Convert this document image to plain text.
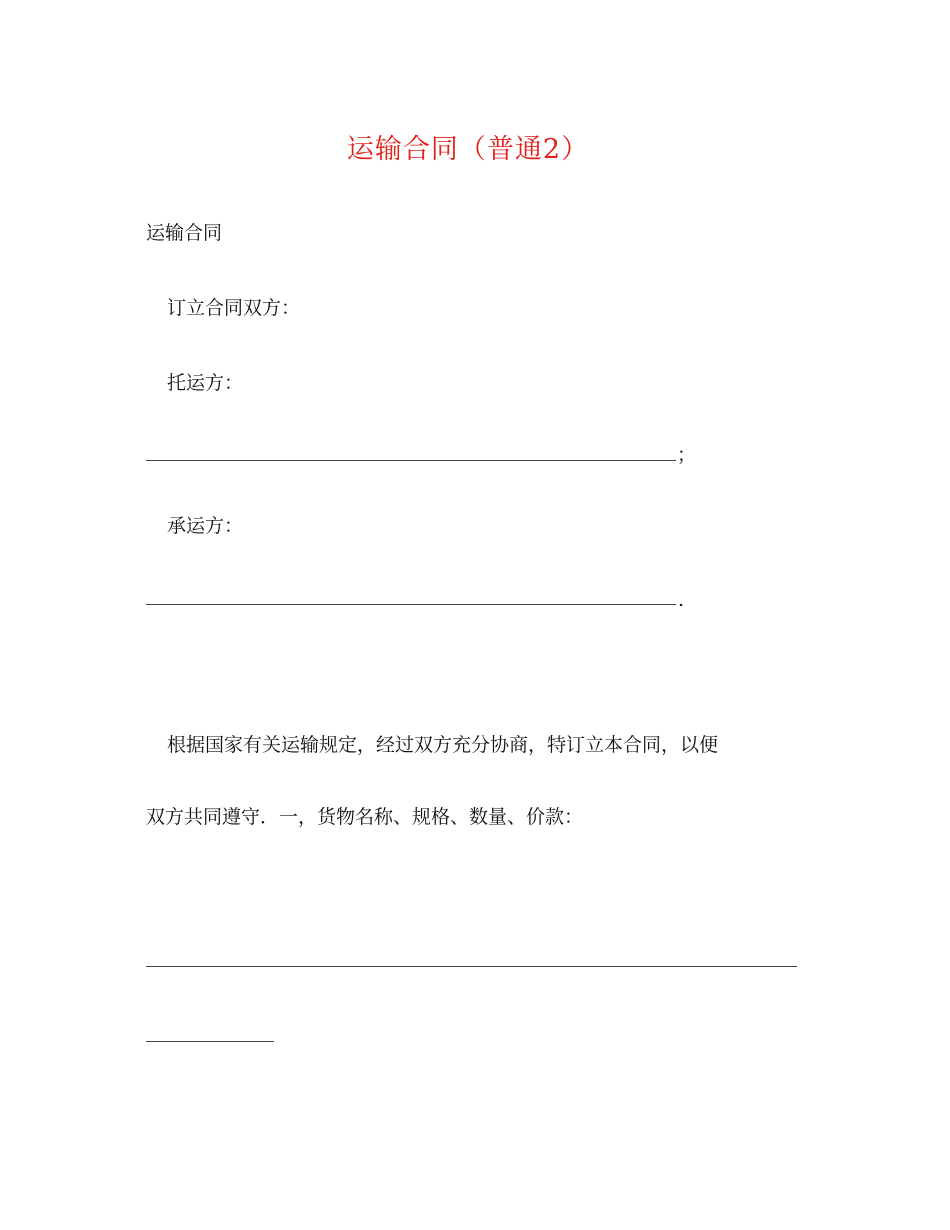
运输合同（普通2）
运输合同
订立合同双方：
托运方：
；
承运方：
.
根据国家有关运输规定，经过双方充分协商，特订立本合同，以便
双方共同遵守．一，货物名称、规格、数量、价款：
